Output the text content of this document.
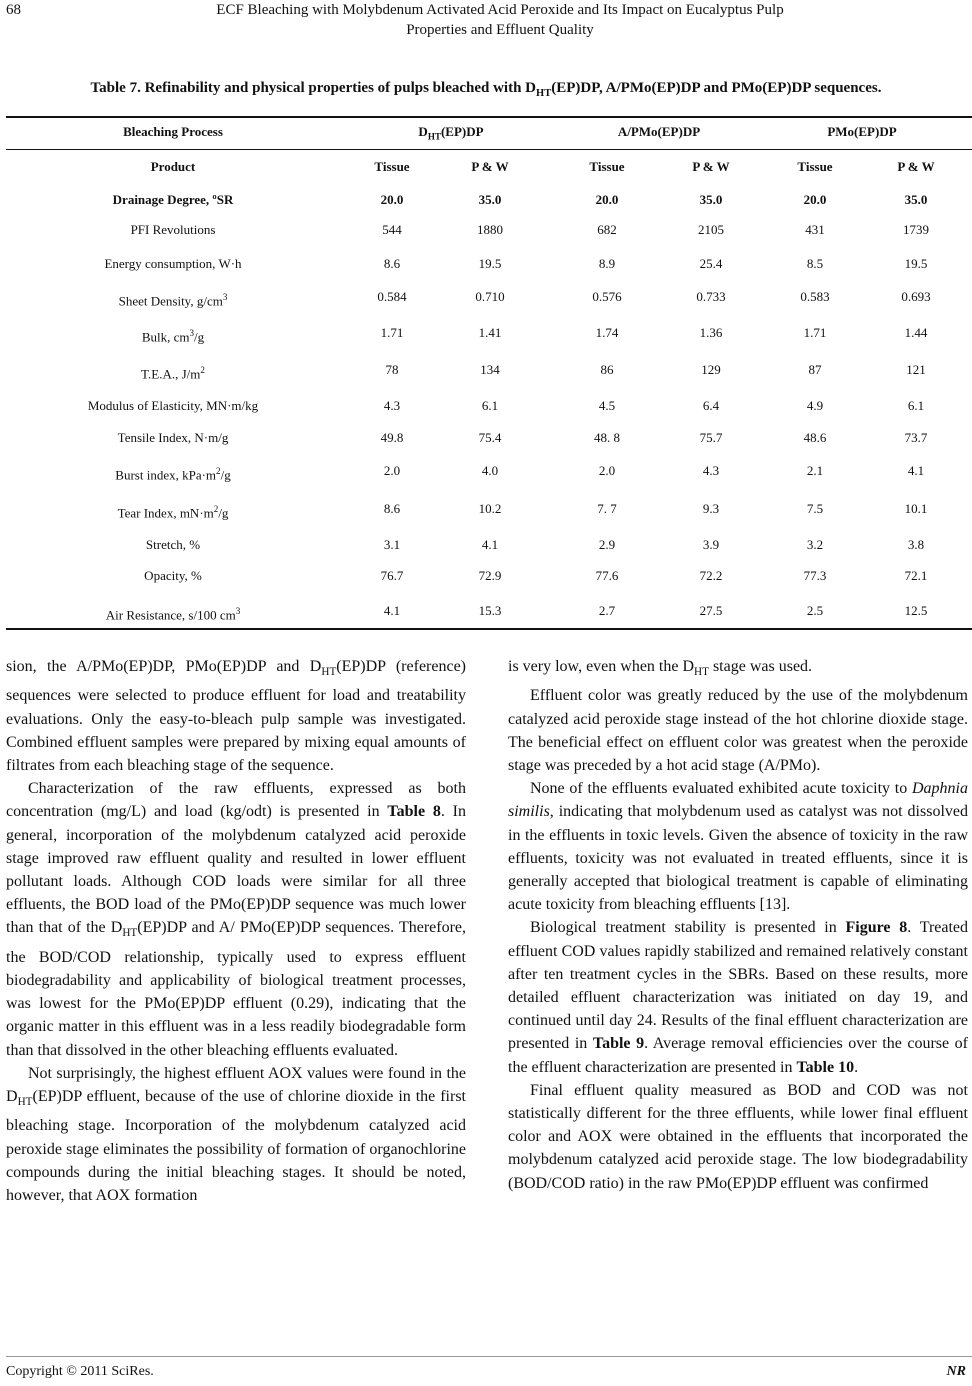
68	ECF Bleaching with Molybdenum Activated Acid Peroxide and Its Impact on Eucalyptus Pulp
Properties and Effluent Quality
Table 7. Refinability and physical properties of pulps bleached with $D_{HT}(EP)DP$, A/PMo(EP)DP and PMo(EP)DP sequences.
Bleaching Process	$D_{HT}(EP)DP$	A/PMo(EP)DP	PMo(EP)DP
Product	Tissue	P & W	Tissue	P & W	Tissue	P & W
Drainage Degree, ºSR	20.0	35.0	20.0	35.0	20.0	35.0
PFI Revolutions	544	1880	682	2105	431	1739
Energy consumption, W·h	8.6	19.5	8.9	25.4	8.5	19.5
Sheet Density, $g/cm^3$	0.584	0.710	0.576	0.733	0.583	0.693
Bulk, $cm^3/g$	1.71	1.41	1.74	1.36	1.71	1.44
T.E.A., $J/m^2$	78	134	86	129	87	121
Modulus of Elasticity, MN·m/kg	4.3	6.1	4.5	6.4	4.9	6.1
Tensile Index, N·m/g	49.8	75.4	48. 8	75.7	48.6	73.7
Burst index, $kPa\cdot m^2/g$	2.0	4.0	2.0	4.3	2.1	4.1
Tear Index, $mN\cdot m^2/g$	8.6	10.2	7. 7	9.3	7.5	10.1
Stretch, %	3.1	4.1	2.9	3.9	3.2	3.8
Opacity, %	76.7	72.9	77.6	72.2	77.3	72.1
Air Resistance, s/100 $cm^3$	4.1	15.3	2.7	27.5	2.5	12.5

sion, the A/PMo(EP)DP, PMo(EP)DP and $D_{HT}(EP)DP$ (reference) sequences were selected to produce effluent for load and treatability evaluations. Only the easy-to-bleach pulp sample was investigated. Combined effluent samples were prepared by mixing equal amounts of filtrates from each bleaching stage of the sequence.

Characterization of the raw effluents, expressed as both concentration (mg/L) and load (kg/odt) is presented in Table 8. In general, incorporation of the molybdenum catalyzed acid peroxide stage improved raw effluent quality and resulted in lower effluent pollutant loads. Although COD loads were similar for all three effluents, the BOD load of the PMo(EP)DP sequence was much lower than that of the $D_{HT}(EP)DP$ and A/ PMo(EP)DP sequences. Therefore, the BOD/COD relationship, typically used to express effluent biodegradability and applicability of biological treatment processes, was lowest for the PMo(EP)DP effluent (0.29), indicating that the organic matter in this effluent was in a less readily biodegradable form than that dissolved in the other bleaching effluents evaluated.

Not surprisingly, the highest effluent AOX values were found in the $D_{HT}(EP)DP$ effluent, because of the use of chlorine dioxide in the first bleaching stage. Incorporation of the molybdenum catalyzed acid peroxide stage eliminates the possibility of formation of organochlorine compounds during the initial bleaching stages. It should be noted, however, that AOX formation

is very low, even when the $D_{HT}$ stage was used.

Effluent color was greatly reduced by the use of the molybdenum catalyzed acid peroxide stage instead of the hot chlorine dioxide stage. The beneficial effect on effluent color was greatest when the peroxide stage was preceded by a hot acid stage (A/PMo).

None of the effluents evaluated exhibited acute toxicity to Daphnia similis, indicating that molybdenum used as catalyst was not dissolved in the effluents in toxic levels. Given the absence of toxicity in the raw effluents, toxicity was not evaluated in treated effluents, since it is generally accepted that biological treatment is capable of eliminating acute toxicity from bleaching effluents [13].

Biological treatment stability is presented in Figure 8. Treated effluent COD values rapidly stabilized and remained relatively constant after ten treatment cycles in the SBRs. Based on these results, more detailed effluent characterization was initiated on day 19, and continued until day 24. Results of the final effluent characterization are presented in Table 9. Average removal efficiencies over the course of the effluent characterization are presented in Table 10.

Final effluent quality measured as BOD and COD was not statistically different for the three effluents, while lower final effluent color and AOX were obtained in the effluents that incorporated the molybdenum catalyzed acid peroxide stage. The low biodegradability (BOD/COD ratio) in the raw PMo(EP)DP effluent was confirmed

Copyright © 2011 SciRes.	NR
